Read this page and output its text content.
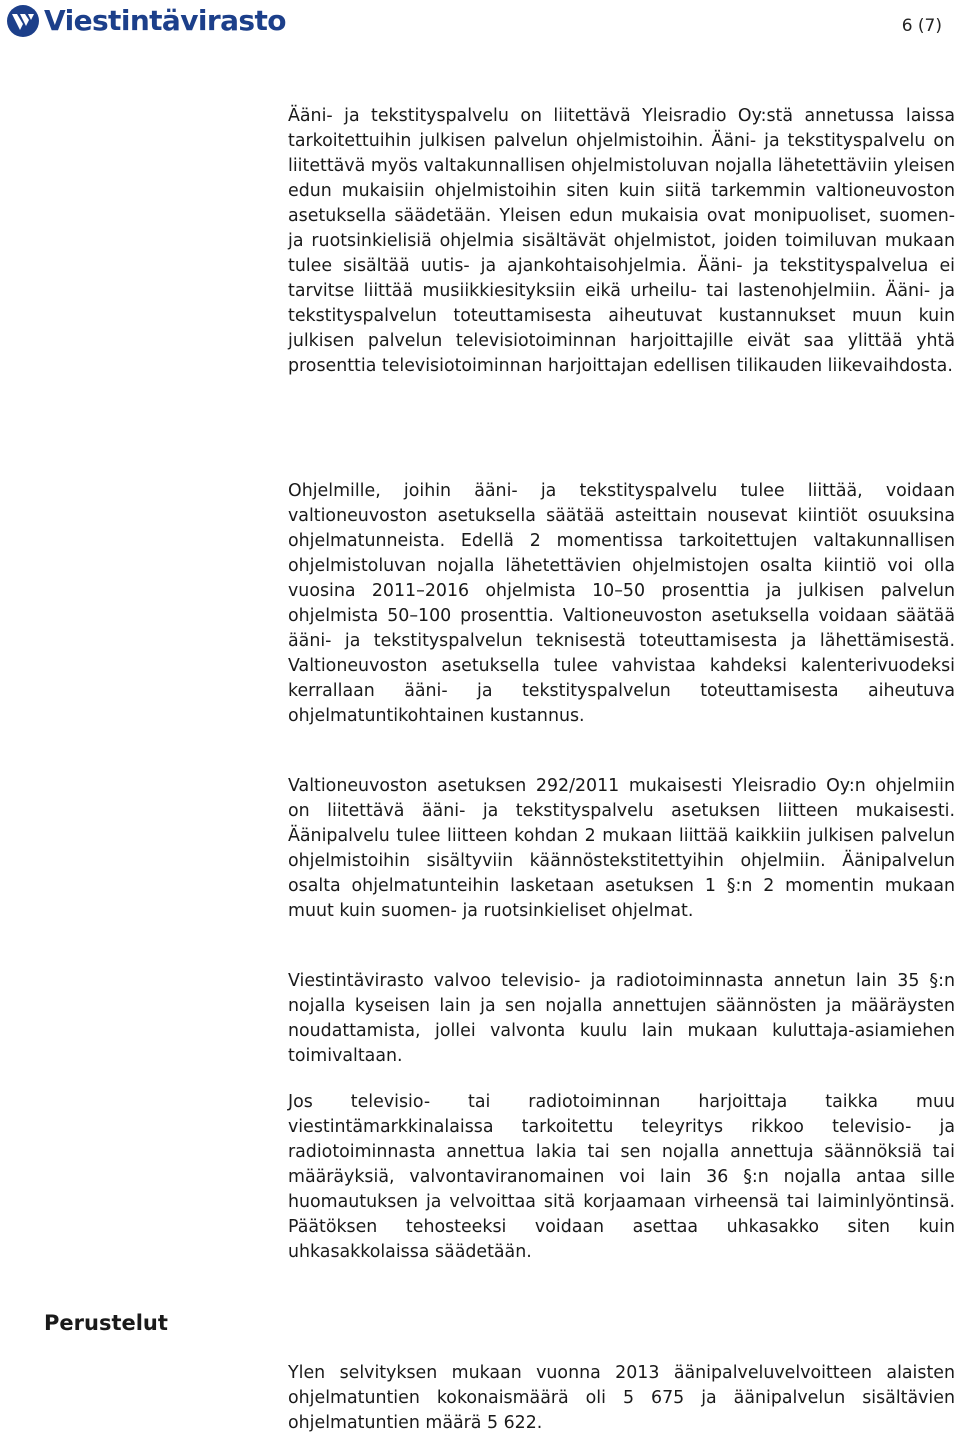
Viestintävirasto	6 (7)

Ääni- ja tekstityspalvelu on liitettävä Yleisradio Oy:stä annetussa laissa tarkoitettuihin julkisen palvelun ohjelmistoihin. Ääni- ja tekstityspalvelu on liitettävä myös valtakunnallisen ohjelmistoluvan nojalla lähetettäviin yleisen edun mukaisiin ohjelmistoihin siten kuin siitä tarkemmin valtioneuvoston asetuksella säädetään. Yleisen edun mukaisia ovat monipuoliset, suomen- ja ruotsinkielisiä ohjelmia sisältävät ohjelmistot, joiden toimiluvan mukaan tulee sisältää uutis- ja ajankohtaisohjelmia. Ääni- ja tekstityspalvelua ei tarvitse liittää musiikkiesityksiin eikä urheilu- tai lastenohjelmiin. Ääni- ja tekstityspalvelun toteuttamisesta aiheutuvat kustannukset muun kuin julkisen palvelun televisiotoiminnan harjoittajille eivät saa ylittää yhtä prosenttia televisiotoiminnan harjoittajan edellisen tilikauden liikevaihdosta.

Ohjelmille, joihin ääni- ja tekstityspalvelu tulee liittää, voidaan valtioneuvoston asetuksella säätää asteittain nousevat kiintiöt osuuksina ohjelmatunneista. Edellä 2 momentissa tarkoitettujen valtakunnallisen ohjelmistoluvan nojalla lähetettävien ohjelmistojen osalta kiintiö voi olla vuosina 2011–2016 ohjelmista 10–50 prosenttia ja julkisen palvelun ohjelmista 50–100 prosenttia. Valtioneuvoston asetuksella voidaan säätää ääni- ja tekstityspalvelun teknisestä toteuttamisesta ja lähettämisestä. Valtioneuvoston asetuksella tulee vahvistaa kahdeksi kalenterivuodeksi kerrallaan ääni- ja tekstityspalvelun toteuttamisesta aiheutuva ohjelmatuntikohtainen kustannus.

Valtioneuvoston asetuksen 292/2011 mukaisesti Yleisradio Oy:n ohjelmiin on liitettävä ääni- ja tekstityspalvelu asetuksen liitteen mukaisesti. Äänipalvelu tulee liitteen kohdan 2 mukaan liittää kaikkiin julkisen palvelun ohjelmistoihin sisältyviin käännöstekstitettyihin ohjelmiin. Äänipalvelun osalta ohjelmatunteihin lasketaan asetuksen 1 §:n 2 momentin mukaan muut kuin suomen- ja ruotsinkieliset ohjelmat.

Viestintävirasto valvoo televisio- ja radiotoiminnasta annetun lain 35 §:n nojalla kyseisen lain ja sen nojalla annettujen säännösten ja määräysten noudattamista, jollei valvonta kuulu lain mukaan kuluttaja-asiamiehen toimivaltaan.

Jos televisio- tai radiotoiminnan harjoittaja taikka muu viestintämarkkinalaissa tarkoitettu teleyritys rikkoo televisio- ja radiotoiminnasta annettua lakia tai sen nojalla annettuja säännöksiä tai määräyksiä, valvontaviranomainen voi lain 36 §:n nojalla antaa sille huomautuksen ja velvoittaa sitä korjaamaan virheensä tai laiminlyöntinsä. Päätöksen tehosteeksi voidaan asettaa uhkasakko siten kuin uhkasakkolaissa säädetään.

Perustelut

Ylen selvityksen mukaan vuonna 2013 äänipalveluvelvoitteen alaisten ohjelmatuntien kokonaismäärä oli 5 675 ja äänipalvelun sisältävien ohjelmatuntien määrä 5 622.
